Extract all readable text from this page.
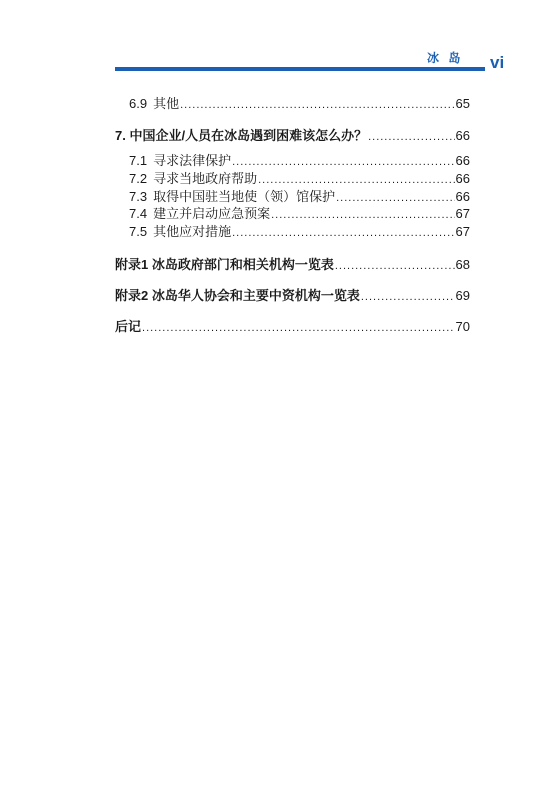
冰 岛 vi
6.9 其他 .....	65
7. 中国企业/人员在冰岛遇到困难该怎么办？ .....	66
7.1 寻求法律保护 .....	66
7.2 寻求当地政府帮助 .....	66
7.3 取得中国驻当地使（领）馆保护 .....	66
7.4 建立并启动应急预案 .....	67
7.5 其他应对措施 .....	67
附录1 冰岛政府部门和相关机构一览表 .....	68
附录2 冰岛华人协会和主要中资机构一览表 .....	69
后记 .....	70
